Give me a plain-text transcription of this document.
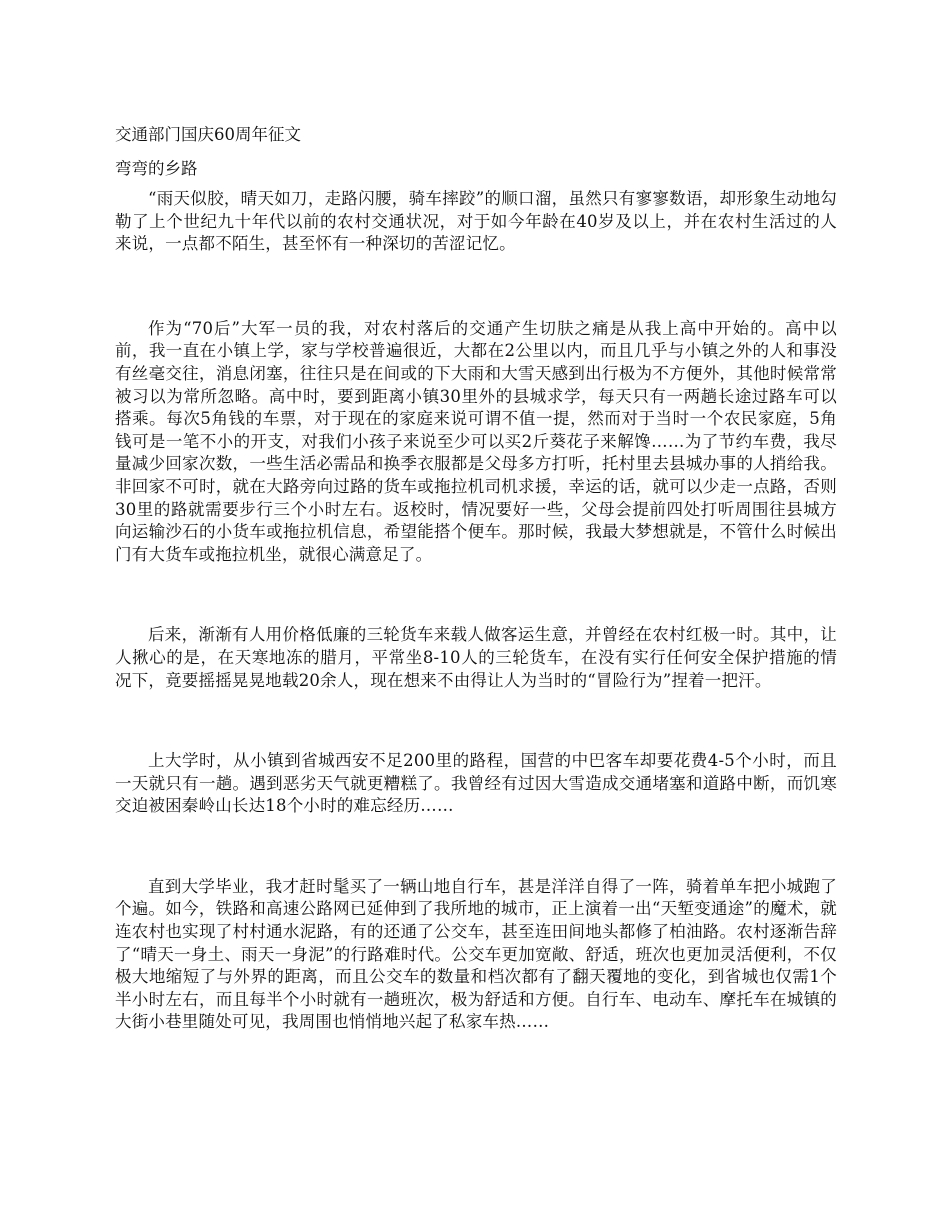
交通部门国庆60周年征文

弯弯的乡路

“雨天似胶，晴天如刀，走路闪腰，骑车摔跤”的顺口溜，虽然只有寥寥数语，却形象生动地勾勒了上个世纪九十年代以前的农村交通状况，对于如今年龄在40岁及以上，并在农村生活过的人来说，一点都不陌生，甚至怀有一种深切的苦涩记忆。

作为“70后”大军一员的我，对农村落后的交通产生切肤之痛是从我上高中开始的。高中以前，我一直在小镇上学，家与学校普遍很近，大都在2公里以内，而且几乎与小镇之外的人和事没有丝毫交往，消息闭塞，往往只是在间或的下大雨和大雪天感到出行极为不方便外，其他时候常常被习以为常所忽略。高中时，要到距离小镇30里外的县城求学，每天只有一两趟长途过路车可以搭乘。每次5角钱的车票，对于现在的家庭来说可谓不值一提，然而对于当时一个农民家庭，5角钱可是一笔不小的开支，对我们小孩子来说至少可以买2斤葵花子来解馋……为了节约车费，我尽量减少回家次数，一些生活必需品和换季衣服都是父母多方打听，托村里去县城办事的人捎给我。非回家不可时，就在大路旁向过路的货车或拖拉机司机求援，幸运的话，就可以少走一点路，否则30里的路就需要步行三个小时左右。返校时，情况要好一些，父母会提前四处打听周围往县城方向运输沙石的小货车或拖拉机信息，希望能搭个便车。那时候，我最大梦想就是，不管什么时候出门有大货车或拖拉机坐，就很心满意足了。

后来，渐渐有人用价格低廉的三轮货车来载人做客运生意，并曾经在农村红极一时。其中，让人揪心的是，在天寒地冻的腊月，平常坐8-10人的三轮货车，在没有实行任何安全保护措施的情况下，竟要摇摇晃晃地载20余人，现在想来不由得让人为当时的“冒险行为”捏着一把汗。

上大学时，从小镇到省城西安不足200里的路程，国营的中巴客车却要花费4-5个小时，而且一天就只有一趟。遇到恶劣天气就更糟糕了。我曾经有过因大雪造成交通堵塞和道路中断，而饥寒交迫被困秦岭山长达18个小时的难忘经历……

直到大学毕业，我才赶时髦买了一辆山地自行车，甚是洋洋自得了一阵，骑着单车把小城跑了个遍。如今，铁路和高速公路网已延伸到了我所地的城市，正上演着一出“天堑变通途”的魔术，就连农村也实现了村村通水泥路，有的还通了公交车，甚至连田间地头都修了柏油路。农村逐渐告辞了“晴天一身土、雨天一身泥”的行路难时代。公交车更加宽敞、舒适，班次也更加灵活便利，不仅极大地缩短了与外界的距离，而且公交车的数量和档次都有了翻天覆地的变化，到省城也仅需1个半小时左右，而且每半个小时就有一趟班次，极为舒适和方便。自行车、电动车、摩托车在城镇的大街小巷里随处可见，我周围也悄悄地兴起了私家车热……
